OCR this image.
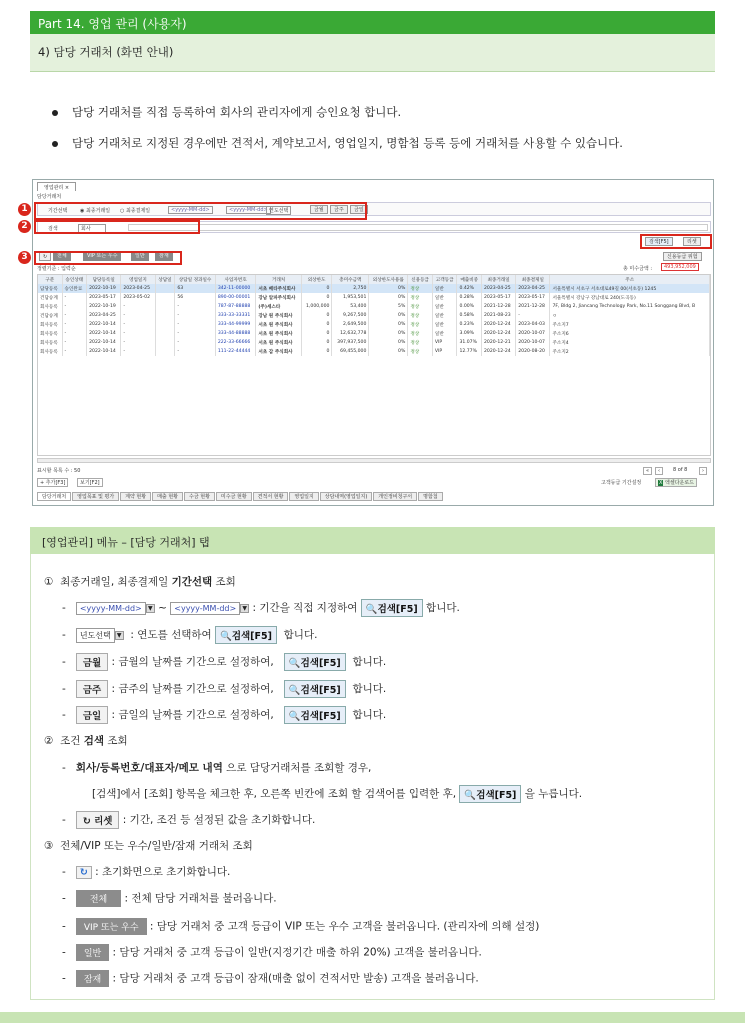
Part 14. 영업 관리 (사용자)
4) 담당 거래처 (화면 안내)
담당 거래처를 직접 등록하여 회사의 관리자에게 승인요청 합니다.
담당 거래처로 지정된 경우에만 견적서, 계약보고서, 영업일지, 명함첩 등록 등에 거래처를 사용할 수 있습니다.
영업관리 ×
담당거래처
기간선택	◉ 최종거래일 ○ 최종결제일	<yyyy-MM-dd>	<yyyy-MM-dd> 연도선택	금월	금주	금일
검색	회사
검색[F5]	리셋
↻	전체	VIP 또는 우수	일반	잠재	신용등급 위험
정렬기준 : 입력순	총 미수금액 :	493,952,009
구분	승인상태	담당등록일	영업일지	상담일	상담일 경과일수	사업자번호	거래처	외상한도	총미수금액	외상한도사용률	신용등급	고객등급	매출비중	최종거래일	최종결제일	주소
담당등록	승인완료	2022-10-19	2023-04-25		63	342-11-00000	서초 베타주식회사	0	2,750	0%	정상	일반	0.42%	2023-04-25	2023-04-25	서울특별시 서초구 서초대로49길 00(서초동) 1245
건담승계	-	2023-05-17	2023-05-02		56	890-00-00001	강남 알파주식회사	0	1,953,501	0%	정상	일반	0.28%	2023-05-17	2023-05-17	서울특별시 강남구 강남대로 240(도곡동)
회사등록	-	2022-10-19	-		-	787-87-88888	(주)세스타	1,000,000	53,400	5%	정상	일반	0.00%	2021-12-28	2021-12-28	7F, Bldg 2, Jiancang Technology Park, No.11 Songgang Blvd, B
건담승계	-	2023-04-25	-		-	333-33-33331	강남 원 주식회사	0	9,267,500	0%	정상	일반	0.58%	2021-08-23	-	ㅇ
회사등록	-	2022-10-14	-		-	333-44-99999	서초 원 주식회사	0	2,649,500	0%	정상	일반	0.23%	2020-12-24	2023-04-03	주소지7
회사등록	-	2022-10-14	-		-	333-44-88888	서초 원 주식회사	0	12,632,778	0%	정상	일반	3.09%	2020-12-24	2020-10-07	주소지6
회사등록	-	2022-10-14	-		-	222-33-66666	서초 원 주식회사	0	397,937,500	0%	정상	VIP	31.07%	2020-12-21	2020-10-07	주소지4
회사등록	-	2022-10-14	-		-	111-22-44444	서초 갑 주식회사	0	69,455,000	0%	정상	VIP	12.77%	2020-12-24	2020-08-20	주소지2
표시할 목록 수 : 50	«	‹	8 of 8	›
+ 추가[F3]	보기[F2]	고객등급 기간설정	X 엑셀다운로드
담당거래처 영업목표 및 평가 계약 현황 매출 현황 수금 현황 미수금 현황 견적서 현황 영업일지 상담내역(영업일지) 개인정비청구서 명함첩
1
2
3
[영업관리] 메뉴 – [담당 거래처] 탭
① 최종거래일, 최종결제일 기간선택 조회
- <yyyy-MM-dd> ▼ ~ <yyyy-MM-dd> ▼ : 기간을 직접 지정하여 🔍검색[F5] 합니다.
- 년도선택 ▼ : 연도를 선택하여 🔍검색[F5] 합니다.
- 금월 : 금월의 날짜를 기간으로 설정하여, 🔍검색[F5] 합니다.
- 금주 : 금주의 날짜를 기간으로 설정하여, 🔍검색[F5] 합니다.
- 금일 : 금일의 날짜를 기간으로 설정하여, 🔍검색[F5] 합니다.
② 조건 검색 조회
- 회사/등록번호/대표자/메모 내역 으로 담당거래처를 조회할 경우,
[검색]에서 [조회] 항목을 체크한 후, 오른쪽 빈칸에 조회 할 검색어를 입력한 후, 🔍검색[F5] 을 누릅니다.
- ↻ 리셋 : 기간, 조건 등 설정된 값을 초기화합니다.
③ 전체/VIP 또는 우수/일반/잠재 거래처 조회
- ↻ : 초기화면으로 초기화합니다.
-	전체 : 전체 담당 거래처를 불러옵니다.
- VIP 또는 우수 : 담당 거래처 중 고객 등급이 VIP 또는 우수 고객을 불러옵니다. (관리자에 의해 설정)
- 일반 : 담당 거래처 중 고객 등급이 일반(지정기간 매출 하위 20%) 고객을 불러옵니다.
- 잠재 : 담당 거래처 중 고객 등급이 잠재(매출 없이 견적서만 발송) 고객을 불러옵니다.
